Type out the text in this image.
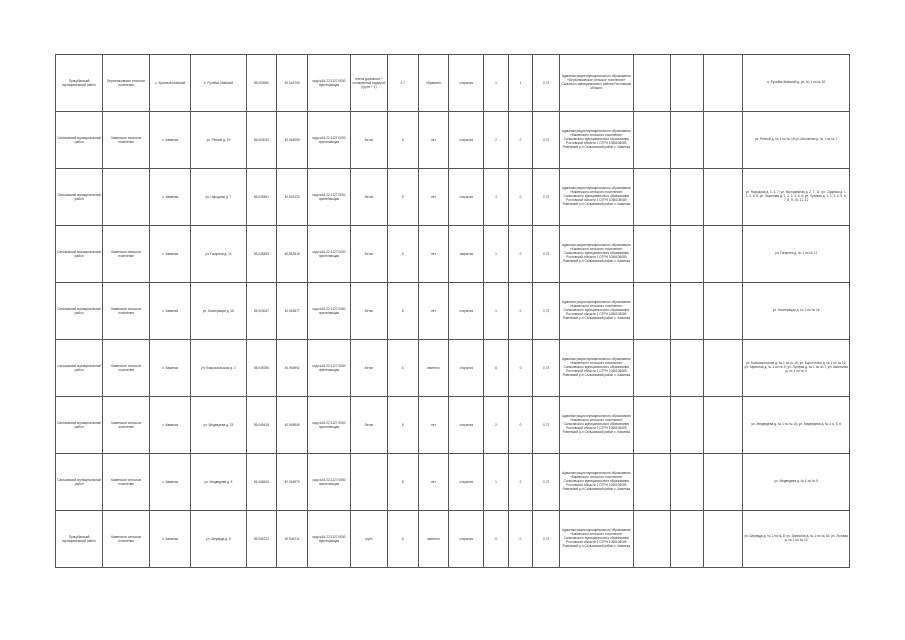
Прикубанский муниципальный район	Березняковское сельское поселение	с. Красный Майский	п. Ручейки Майский	55,003950	40,944705	кад.№61:22:1127:0050 прилегающая	плиты дорожные + полимерный гардероб (грунт + 1)	2-7	обрамлен	открытая	1	1	0,72	Администрация муниципального образования «Березняковское сельское поселение» Сальского муниципального района Ростовской области				п. Ручейки Майский д. ул. № 1 по № 26
Сальковский муниципальный район	Каменское сельское поселение	с. Каменка	ул. Речной д. 19	55,003045	40,946098	кад.№61:22:1127:0050 прилегающая	Бетон	6	нет	открытая	2	0	0,72	Администрация муниципального образования «Каменского сельского поселения» Сальковского муниципального образования Ростовской области 1 ОГРН 1056108089 Ровенский р-н Сальковский район с. Каменка				ул. Речной д. № 1 по № 18 ул. Школьная д. № 1 по № 7
Сальковский муниципальный район		с. Каменка	ул. Народная д. 7	55,049451	40,949125	кад.№61:22:1127:0050 прилегающая	Бетон	6	нет	открытая	4	0	0,72	Администрация муниципального образования «Каменского сельского поселения» Сальковского муниципального образования Ростовской области 1 ОГРН 1056108089 Ровенский р-н Сальковский район с. Каменка				ул. Народная д. 1, 3, 7; ул. Молодежная д. 2, 7, 11; ул. Садовая д. 1, 2, 3, 4, 5; ул. Заречная д. 1, 2, 3, 4, 5, 6; ул. Луговая д. 1, 2, 3, 4, 5, 6, 7, 8, 9, 10, 11, 12
Сальковский муниципальный район	Каменское сельское поселение	с. Каменка	ул. Гагарина д. 12	55,049453	40,953516	кад.№61:22:1127:0050 прилегающая	Бетон	6	нет	закрытая	1	0	0,72	Администрация муниципального образования «Каменского сельского поселения» Сальковского муниципального образования Ростовской области 1 ОГРН 1056108089 Ровенский р-н Сальковский район с. Каменка				ул. Гагарина д. № 1 по № 12
Сальковский муниципальный район	Каменское сельское поселение	с. Каменка	ул. Кооперации д. 16	55,003047	40,945877	кад.№61:22:1127:0050 прилегающая	Бетон	6	нет	открытая	1	0	0,72	Администрация муниципального образования «Каменского сельского поселения» Сальковского муниципального образования Ростовской области 1 ОГРН 1056108089 Ровенский р-н Сальковский район с. Каменка				ул. Кооперации д. № 1 по № 16
Сальковский муниципальный район	Каменское сельское поселение	с. Каменка	ул. Комсомольская д. 2	55,049256	40,946992	кад.№61:22:1127:0050 прилегающая	Бетон	6	имеется	открытая	6	0	0,72	Администрация муниципального образования «Каменского сельского поселения» Сальковского муниципального образования Ростовской области 1 ОГРН 1056108089 Ровенский р-н Сальковский район с. Каменка				ул. Комсомольская д. № 1 по № 16; ул. Коротченко д. № 1 по № 12; ул. Заречная д. № 1 по № 9; ул. Луговая д. № 1 по № 7; ул. Школьная д. № 1 по № 4
Сальковский муниципальный район	Каменское сельское поселение	с. Каменка	ул. Медведева д. 15	55,049418	40,948946	кад.№61:22:1127:0050 прилегающая	Бетон	6	нет	открытая	2	0	0,72	Администрация муниципального образования «Каменского сельского поселения» Сальковского муниципального образования Ростовской области 1 ОГРН 1056108089 Ровенский р-н Сальковский район с. Каменка				ул. Медведева д. № 1 по № 15; ул. Медведева д. № 1 а, б, в
Сальковский муниципальный район	Каменское сельское поселение	с. Каменка	ул. Медведева д. 5	55,066543	40,944979	кад.№61:22:1127:0050 прилегающая		6	нет	открытая	1	0	0,72	Администрация муниципального образования «Каменского сельского поселения» Сальковского муниципального образования Ростовской области 1 ОГРН 1056108089 Ровенский р-н Сальковский район с. Каменка				ул. Медведева д. № 1 по № 5
Прикубанский муниципальный район	Каменское сельское поселение	с. Каменка	ул. Шервуда д. 8	55,066722	40,944211	кад.№61:22:1127:0050 прилегающая	грунт	6	имеется	открытая	5	0	0,72	Администрация муниципального образования «Каменского сельского поселения» Сальковского муниципального образования Ростовской области 1 ОГРН 1056108089 Ровенский р-н Сальковский район с. Каменка				ул. Шервуда д. № 1 по № 8; ул. Заречная д. № 1 по № 16; ул. Луговая д. № 1 по № 10
